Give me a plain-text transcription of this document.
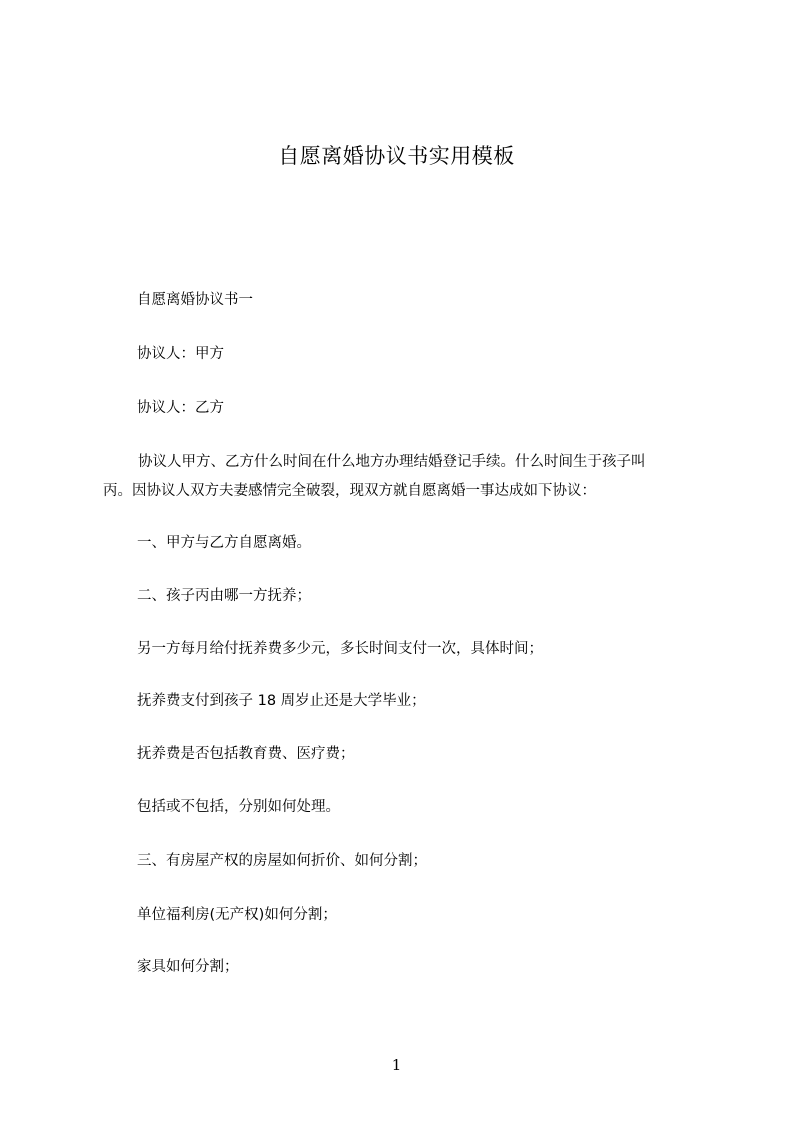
自愿离婚协议书实用模板
自愿离婚协议书一
协议人：甲方
协议人：乙方
协议人甲方、乙方什么时间在什么地方办理结婚登记手续。什么时间生于孩子叫
丙。因协议人双方夫妻感情完全破裂，现双方就自愿离婚一事达成如下协议：
一、甲方与乙方自愿离婚。
二、孩子丙由哪一方抚养；
另一方每月给付抚养费多少元，多长时间支付一次，具体时间；
抚养费支付到孩子 18 周岁止还是大学毕业；
抚养费是否包括教育费、医疗费；
包括或不包括，分别如何处理。
三、有房屋产权的房屋如何折价、如何分割；
单位福利房(无产权)如何分割；
家具如何分割；
1
